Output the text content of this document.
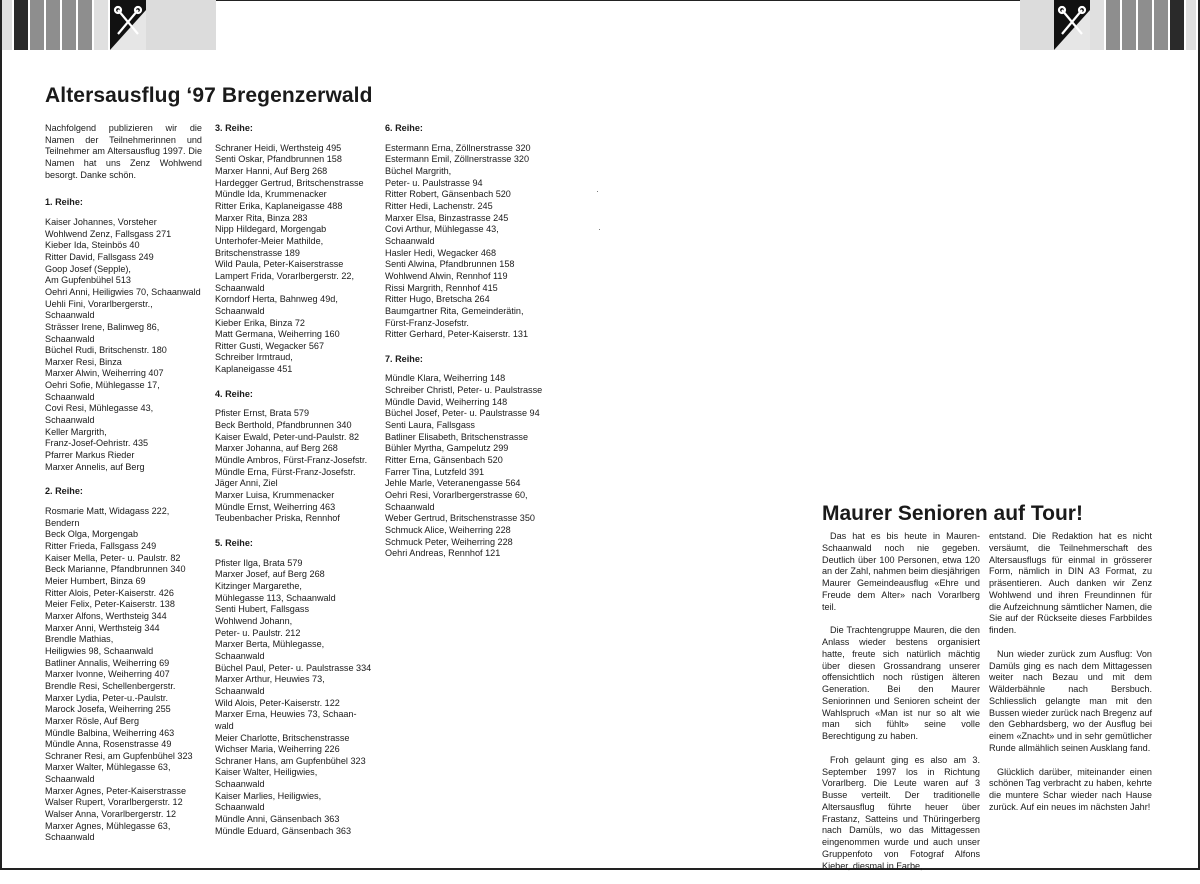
Altersausflug ‘97 Bregenzerwald
Nachfolgend publizieren wir die Namen der Teilnehmerinnen und Teilnehmer am Altersausflug 1997. Die Namen hat uns Zenz Wohlwend besorgt. Danke schön.
1. Reihe:
Kaiser Johannes, Vorsteher
Wohlwend Zenz, Fallsgass 271
Kieber Ida, Steinbös 40
Ritter David, Fallsgass 249
Goop Josef (Sepple),
Am Gupfenbühel 513
Oehri Anni, Heiligwies 70, Schaanwald
Uehli Fini, Vorarlbergerstr.,
Schaanwald
Strässer Irene, Balinweg 86,
Schaanwald
Büchel Rudi, Britschenstr. 180
Marxer Resi, Binza
Marxer Alwin, Weiherring 407
Oehri Sofie, Mühlegasse 17,
Schaanwald
Covi Resi, Mühlegasse 43,
Schaanwald
Keller Margrith,
Franz-Josef-Oehristr. 435
Pfarrer Markus Rieder
Marxer Annelis, auf Berg
2. Reihe:
Rosmarie Matt, Widagass 222,
Bendern
Beck Olga, Morgengab
Ritter Frieda, Fallsgass 249
Kaiser Mella, Peter- u. Paulstr. 82
Beck Marianne, Pfandbrunnen 340
Meier Humbert, Binza 69
Ritter Alois, Peter-Kaiserstr. 426
Meier Felix, Peter-Kaiserstr. 138
Marxer Alfons, Werthsteig 344
Marxer Anni, Werthsteig 344
Brendle Mathias,
Heiligwies 98, Schaanwald
Batliner Annalis, Weiherring 69
Marxer Ivonne, Weiherring 407
Brendle Resi, Schellenbergerstr.
Marxer Lydia, Peter-u.-Paulstr.
Marock Josefa, Weiherring 255
Marxer Rösle, Auf Berg
Mündle Balbina, Weiherring 463
Mündle Anna, Rosenstrasse 49
Schraner Resi, am Gupfenbühel 323
Marxer Walter, Mühlegasse 63,
Schaanwald
Marxer Agnes, Peter-Kaiserstrasse
Walser Rupert, Vorarlbergerstr. 12
Walser Anna, Vorarlbergerstr. 12
Marxer Agnes, Mühlegasse 63,
Schaanwald
3. Reihe:
Schraner Heidi, Werthsteig 495
Senti Oskar, Pfandbrunnen 158
Marxer Hanni, Auf Berg 268
Hardegger Gertrud, Britschenstrasse
Mündle Ida, Krummenacker
Ritter Erika, Kaplaneigasse 488
Marxer Rita, Binza 283
Nipp Hildegard, Morgengab
Unterhofer-Meier Mathilde,
Britschenstrasse 189
Wild Paula, Peter-Kaiserstrasse
Lampert Frida, Vorarlbergerstr. 22,
Schaanwald
Korndorf Herta, Bahnweg 49d,
Schaanwald
Kieber Erika, Binza 72
Matt Germana, Weiherring 160
Ritter Gusti, Wegacker 567
Schreiber Irmtraud,
Kaplaneigasse 451
4. Reihe:
Pfister Ernst, Brata 579
Beck Berthold, Pfandbrunnen 340
Kaiser Ewald, Peter-und-Paulstr. 82
Marxer Johanna, auf Berg 268
Mündle Ambros, Fürst-Franz-Josefstr.
Mündle Erna, Fürst-Franz-Josefstr.
Jäger Anni, Ziel
Marxer Luisa, Krummenacker
Mündle Ernst, Weiherring 463
Teubenbacher Priska, Rennhof
5. Reihe:
Pfister Ilga, Brata 579
Marxer Josef, auf Berg 268
Kitzinger Margarethe,
Mühlegasse 113, Schaanwald
Senti Hubert, Fallsgass
Wohlwend Johann,
Peter- u. Paulstr. 212
Marxer Berta, Mühlegasse,
Schaanwald
Büchel Paul, Peter- u. Paulstrasse 334
Marxer Arthur, Heuwies 73,
Schaanwald
Wild Alois, Peter-Kaiserstr. 122
Marxer Erna, Heuwies 73, Schaan-
wald
Meier Charlotte, Britschenstrasse
Wichser Maria, Weiherring 226
Schraner Hans, am Gupfenbühel 323
Kaiser Walter, Heiligwies,
Schaanwald
Kaiser Marlies, Heiligwies,
Schaanwald
Mündle Anni, Gänsenbach 363
Mündle Eduard, Gänsenbach 363
6. Reihe:
Estermann Erna, Zöllnerstrasse 320
Estermann Emil, Zöllnerstrasse 320
Büchel Margrith,
Peter- u. Paulstrasse 94
Ritter Robert, Gänsenbach 520
Ritter Hedi, Lachenstr. 245
Marxer Elsa, Binzastrasse 245
Covi Arthur, Mühlegasse 43,
Schaanwald
Hasler Hedi, Wegacker 468
Senti Alwina, Pfandbrunnen 158
Wohlwend Alwin, Rennhof 119
Rissi Margrith, Rennhof 415
Ritter Hugo, Bretscha 264
Baumgartner Rita, Gemeinderätin,
Fürst-Franz-Josefstr.
Ritter Gerhard, Peter-Kaiserstr. 131
7. Reihe:
Mündle Klara, Weiherring 148
Schreiber Christl, Peter- u. Paulstrasse
Mündle David, Weiherring 148
Büchel Josef, Peter- u. Paulstrasse 94
Senti Laura, Fallsgass
Batliner Elisabeth, Britschenstrasse
Bühler Myrtha, Gampelutz 299
Ritter Erna, Gänsenbach 520
Farrer Tina, Lutzfeld 391
Jehle Marle, Veteranengasse 564
Oehri Resi, Vorarlbergerstrasse 60,
Schaanwald
Weber Gertrud, Britschenstrasse 350
Schmuck Alice, Weiherring 228
Schmuck Peter, Weiherring 228
Oehri Andreas, Rennhof 121
·
·
Maurer Senioren auf Tour!

Das hat es bis heute in Mauren-Schaanwald noch nie gegeben. Deutlich über 100 Personen, etwa 120 an der Zahl, nahmen beim diesjährigen Maurer Gemeindeausflug «Ehre und Freude dem Alter» nach Vorarlberg teil.

Die Trachtengruppe Mauren, die den Anlass wieder bestens organisiert hatte, freute sich natürlich mächtig über diesen Grossandrang unserer offensichtlich noch rüstigen älteren Generation. Bei den Maurer Seniorinnen und Senioren scheint der Wahlspruch «Man ist nur so alt wie man sich fühlt» seine volle Berechtigung zu haben.

Froh gelaunt ging es also am 3. September 1997 los in Richtung Vorarlberg. Die Leute waren auf 3 Busse verteilt. Der traditionelle Altersausflug führte heuer über Frastanz, Satteins und Thüringerberg nach Damüls, wo das Mittagessen eingenommen wurde und auch unser Gruppenfoto von Fotograf Alfons Kieber, diesmal in Farbe,

entstand. Die Redaktion hat es nicht versäumt, die Teilnehmerschaft des Altersausflugs für einmal in grösserer Form, nämlich in DIN A3 Format, zu präsentieren. Auch danken wir Zenz Wohlwend und ihren Freundinnen für die Aufzeichnung sämtlicher Namen, die Sie auf der Rückseite dieses Farbbildes finden.

Nun wieder zurück zum Ausflug: Von Damüls ging es nach dem Mittagessen weiter nach Bezau und mit dem Wälderbähnle nach Bersbuch. Schliesslich gelangte man mit den Bussen wieder zurück nach Bregenz auf den Gebhardsberg, wo der Ausflug bei einem «Znacht» und in sehr gemütlicher Runde allmählich seinen Ausklang fand.

Glücklich darüber, miteinander einen schönen Tag verbracht zu haben, kehrte die muntere Schar wieder nach Hause zurück. Auf ein neues im nächsten Jahr!
